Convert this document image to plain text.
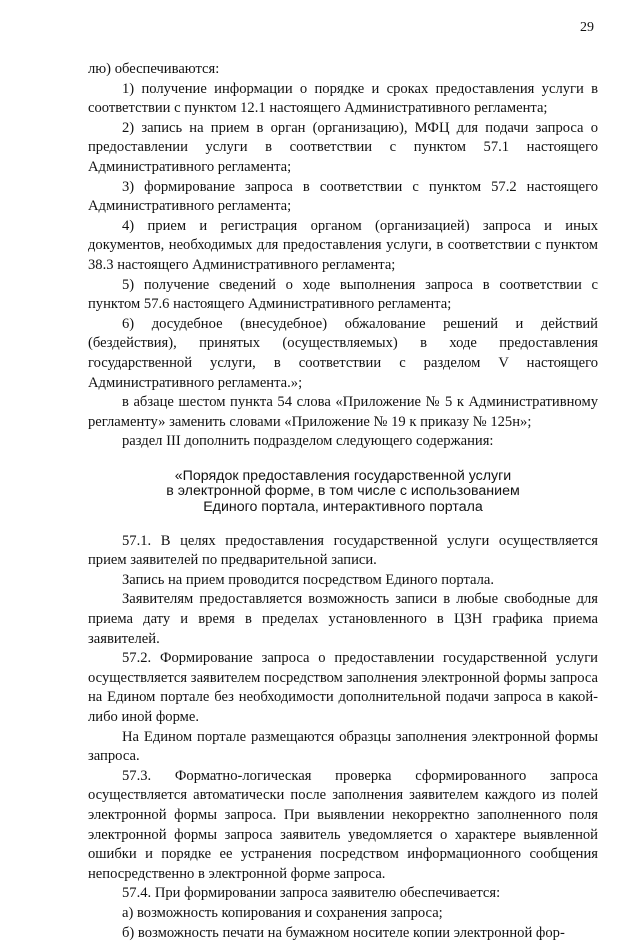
29

лю) обеспечиваются:

1) получение информации о порядке и сроках предоставления услуги в соответствии с пунктом 12.1 настоящего Административного регламента;

2) запись на прием в орган (организацию), МФЦ для подачи запроса о предоставлении услуги в соответствии с пунктом 57.1 настоящего Административного регламента;

3) формирование запроса в соответствии с пунктом 57.2 настоящего Административного регламента;

4) прием и регистрация органом (организацией) запроса и иных документов, необходимых для предоставления услуги, в соответствии с пунктом 38.3 настоящего Административного регламента;

5) получение сведений о ходе выполнения запроса в соответствии с пунктом 57.6 настоящего Административного регламента;

6) досудебное (внесудебное) обжалование решений и действий (бездействия), принятых (осуществляемых) в ходе предоставления государственной услуги, в соответствии с разделом V настоящего Административного регламента.»;

в абзаце шестом пункта 54 слова «Приложение № 5 к Административному регламенту» заменить словами «Приложение № 19 к приказу № 125н»;

раздел III дополнить подразделом следующего содержания:

«Порядок предоставления государственной услуги
в электронной форме, в том числе с использованием
Единого портала, интерактивного портала

57.1. В целях предоставления государственной услуги осуществляется прием заявителей по предварительной записи.

Запись на прием проводится посредством Единого портала.

Заявителям предоставляется возможность записи в любые свободные для приема дату и время в пределах установленного в ЦЗН графика приема заявителей.

57.2. Формирование запроса о предоставлении государственной услуги осуществляется заявителем посредством заполнения электронной формы запроса на Едином портале без необходимости дополнительной подачи запроса в какой-либо иной форме.

На Едином портале размещаются образцы заполнения электронной формы запроса.

57.3. Форматно-логическая проверка сформированного запроса осуществляется автоматически после заполнения заявителем каждого из полей электронной формы запроса. При выявлении некорректно заполненного поля электронной формы запроса заявитель уведомляется о характере выявленной ошибки и порядке ее устранения посредством информационного сообщения непосредственно в электронной форме запроса.

57.4. При формировании запроса заявителю обеспечивается:

а) возможность копирования и сохранения запроса;

б) возможность печати на бумажном носителе копии электронной фор-
